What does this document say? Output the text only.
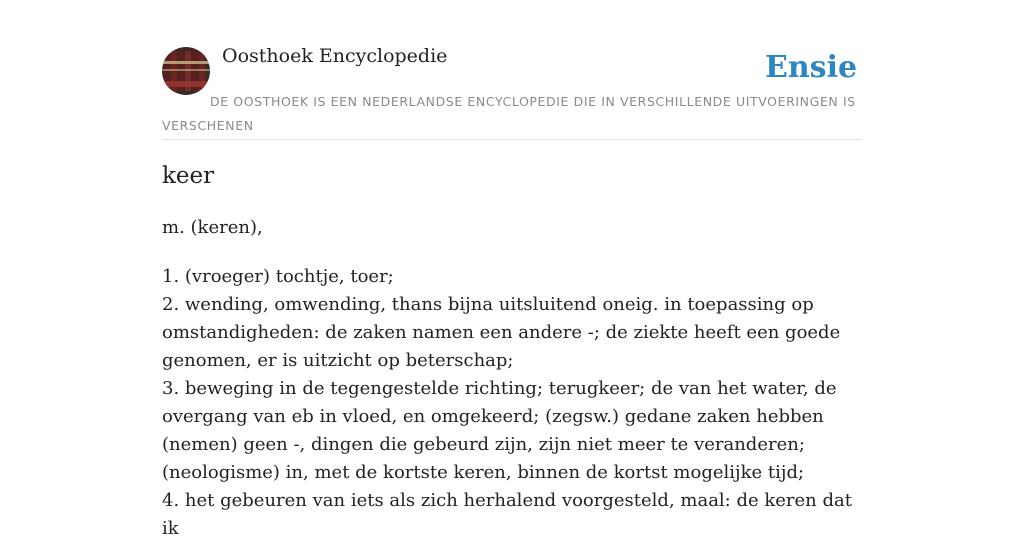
Oosthoek Encyclopedie	Ensie
DE OOSTHOEK IS EEN NEDERLANDSE ENCYCLOPEDIE DIE IN VERSCHILLENDE UITVOERINGEN IS VERSCHENEN
keer
m. (keren),
1. (vroeger) tochtje, toer;
2. wending, omwending, thans bijna uitsluitend oneig. in toepassing op omstandigheden: de zaken namen een andere -; de ziekte heeft een goede genomen, er is uitzicht op beterschap;
3. beweging in de tegengestelde richting; terugkeer; de van het water, de overgang van eb in vloed, en omgekeerd; (zegsw.) gedane zaken hebben (nemen) geen -, dingen die gebeurd zijn, zijn niet meer te veranderen; (neologisme) in, met de kortste keren, binnen de kortst mogelijke tijd;
4. het gebeuren van iets als zich herhalend voorgesteld, maal: de keren dat ik
